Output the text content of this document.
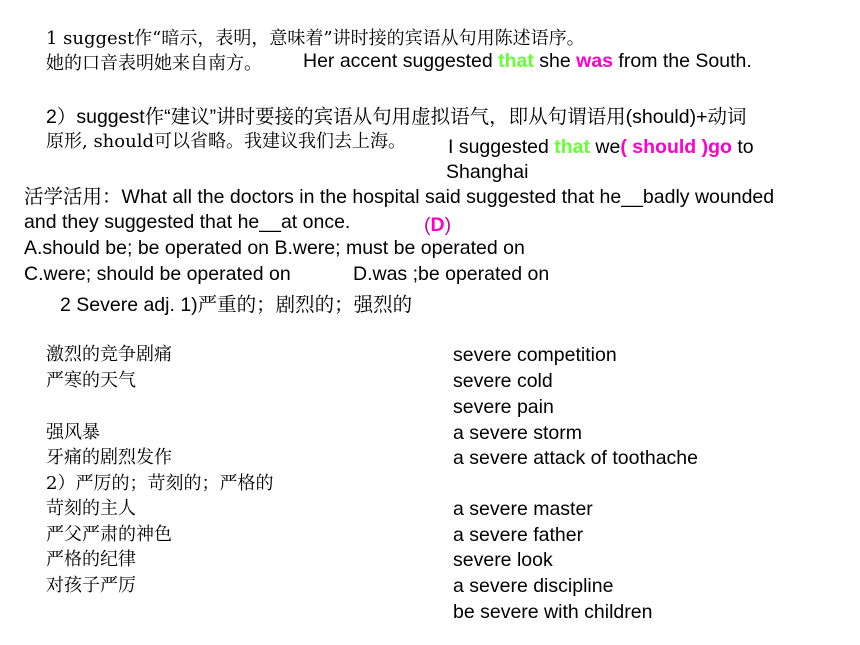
1 suggest作“暗示，表明，意味着”讲时接的宾语从句用陈述语序。
她的口音表明她来自南方。 Her accent suggested that she was from the South.
2）suggest作“建议”讲时要接的宾语从句用虚拟语气，即从句谓语用(should)+动词
原形, should可以省略。我建议我们去上海。 I suggested that we( should )go to
Shanghai
活学活用：What all the doctors in the hospital said suggested that he__badly wounded
and they suggested that he__at once.	(D)
A.should be; be operated on B.were; must be operated on
C.were; should be operated on	D.was ;be operated on
2 Severe adj. 1)严重的；剧烈的；强烈的
激烈的竞争剧痛	severe competition
严寒的天气	severe cold
severe pain
强风暴	a severe storm
牙痛的剧烈发作	a severe attack of toothache
2）严厉的；苛刻的；严格的
苛刻的主人	a severe master
严父严肃的神色	a severe father
严格的纪律	severe look
对孩子严厉	a severe discipline
be severe with children
